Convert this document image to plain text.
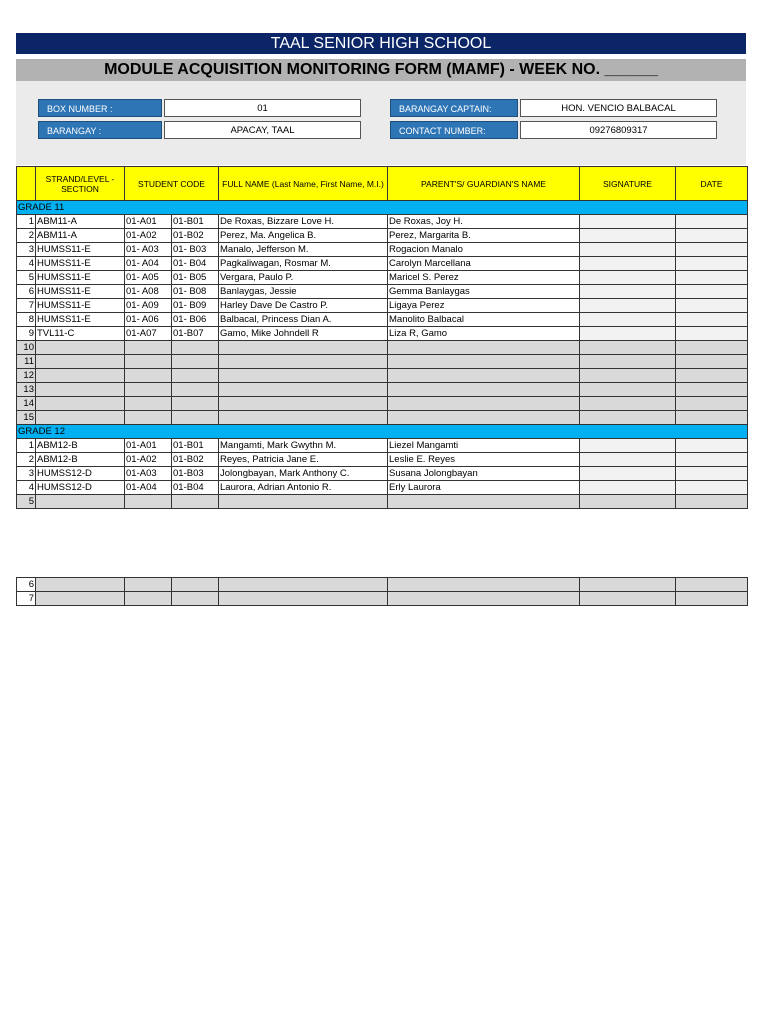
TAAL SENIOR HIGH SCHOOL
MODULE ACQUISITION MONITORING FORM (MAMF) - WEEK NO. ______
BOX NUMBER :	01
BARANGAY :	APACAY, TAAL
BARANGAY CAPTAIN:	HON. VENCIO BALBACAL
CONTACT NUMBER:	09276809317
	STRAND/LEVEL -SECTION	STUDENT CODE		FULL NAME (Last Name, First Name, M.I.)	PARENT'S/ GUARDIAN'S NAME	SIGNATURE	DATE
GRADE 11							
1	ABM11-A	01-A01	01-B01	De Roxas, Bizzare Love H.	De Roxas, Joy H.		
2	ABM11-A	01-A02	01-B02	Perez, Ma. Angelica B.	Perez, Margarita B.		
3	HUMSS11-E	01- A03	01- B03	Manalo, Jefferson M.	Rogacion Manalo		
4	HUMSS11-E	01- A04	01- B04	Pagkaliwagan, Rosmar M.	Carolyn Marcellana		
5	HUMSS11-E	01- A05	01- B05	Vergara, Paulo P.	Maricel S. Perez		
6	HUMSS11-E	01- A08	01- B08	Banlaygas, Jessie	Gemma Banlaygas		
7	HUMSS11-E	01- A09	01- B09	Harley Dave De Castro P.	Ligaya Perez		
8	HUMSS11-E	01- A06	01- B06	Balbacal, Princess Dian A.	Manolito Balbacal		
9	TVL11-C	01-A07	01-B07	Gamo, Mike Johndell R	Liza R, Gamo		
10							
11							
12							
13							
14							
15							
GRADE 12							
1	ABM12-B	01-A01	01-B01	Mangamti, Mark Gwythn M.	Liezel Mangamti		
2	ABM12-B	01-A02	01-B02	Reyes, Patricia Jane E.	Leslie E. Reyes		
3	HUMSS12-D	01-A03	01-B03	Jolongbayan, Mark Anthony C.	Susana Jolongbayan		
4	HUMSS12-D	01-A04	01-B04	Laurora, Adrian Antonio R.	Erly Laurora		
5							
6							
7							
